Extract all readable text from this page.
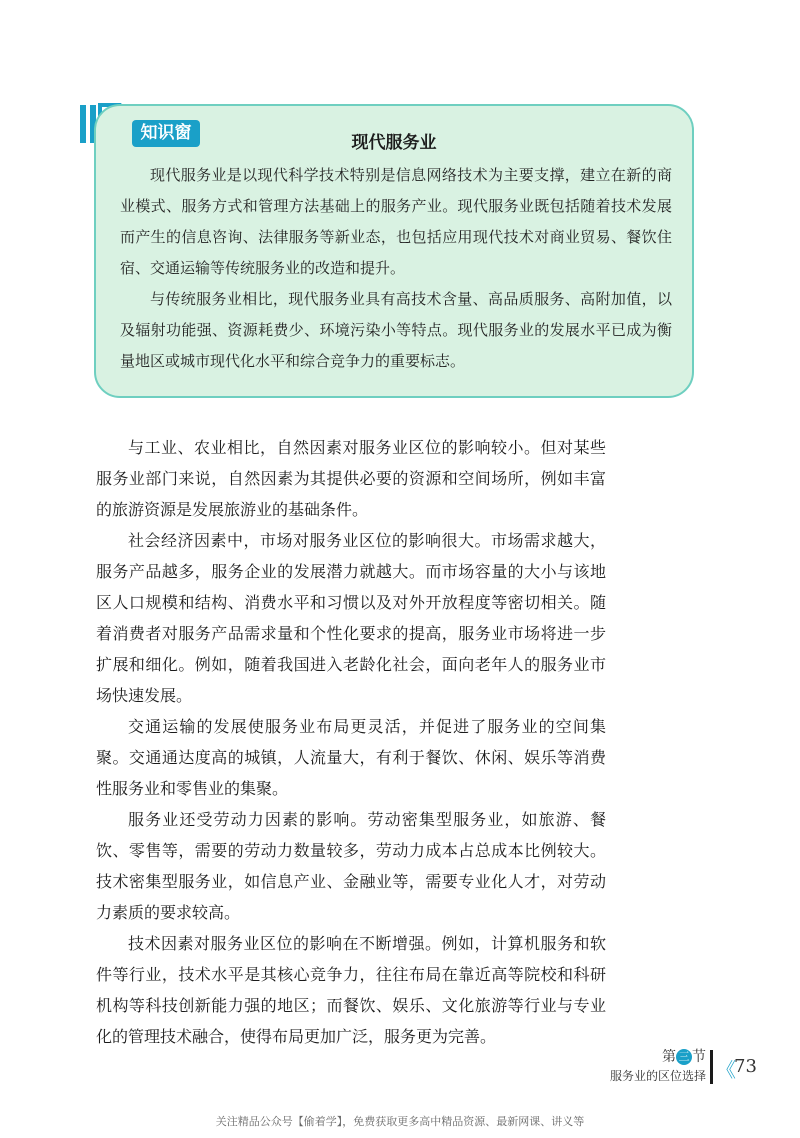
知识窗	现代服务业

现代服务业是以现代科学技术特别是信息网络技术为主要支撑，建立在新的商业模式、服务方式和管理方法基础上的服务产业。现代服务业既包括随着技术发展而产生的信息咨询、法律服务等新业态，也包括应用现代技术对商业贸易、餐饮住宿、交通运输等传统服务业的改造和提升。

与传统服务业相比，现代服务业具有高技术含量、高品质服务、高附加值，以及辐射功能强、资源耗费少、环境污染小等特点。现代服务业的发展水平已成为衡量地区或城市现代化水平和综合竞争力的重要标志。

与工业、农业相比，自然因素对服务业区位的影响较小。但对某些服务业部门来说，自然因素为其提供必要的资源和空间场所，例如丰富的旅游资源是发展旅游业的基础条件。

社会经济因素中，市场对服务业区位的影响很大。市场需求越大，服务产品越多，服务企业的发展潜力就越大。而市场容量的大小与该地区人口规模和结构、消费水平和习惯以及对外开放程度等密切相关。随着消费者对服务产品需求量和个性化要求的提高，服务业市场将进一步扩展和细化。例如，随着我国进入老龄化社会，面向老年人的服务业市场快速发展。

交通运输的发展使服务业布局更灵活，并促进了服务业的空间集聚。交通通达度高的城镇，人流量大，有利于餐饮、休闲、娱乐等消费性服务业和零售业的集聚。

服务业还受劳动力因素的影响。劳动密集型服务业，如旅游、餐饮、零售等，需要的劳动力数量较多，劳动力成本占总成本比例较大。技术密集型服务业，如信息产业、金融业等，需要专业化人才，对劳动力素质的要求较高。

技术因素对服务业区位的影响在不断增强。例如，计算机服务和软件等行业，技术水平是其核心竞争力，往往布局在靠近高等院校和科研机构等科技创新能力强的地区；而餐饮、娱乐、文化旅游等行业与专业化的管理技术融合，使得布局更加广泛，服务更为完善。

第 三 节
服务业的区位选择 《
73
关注精品公众号【偷着学】，免费获取更多高中精品资源、最新网课、讲义等
